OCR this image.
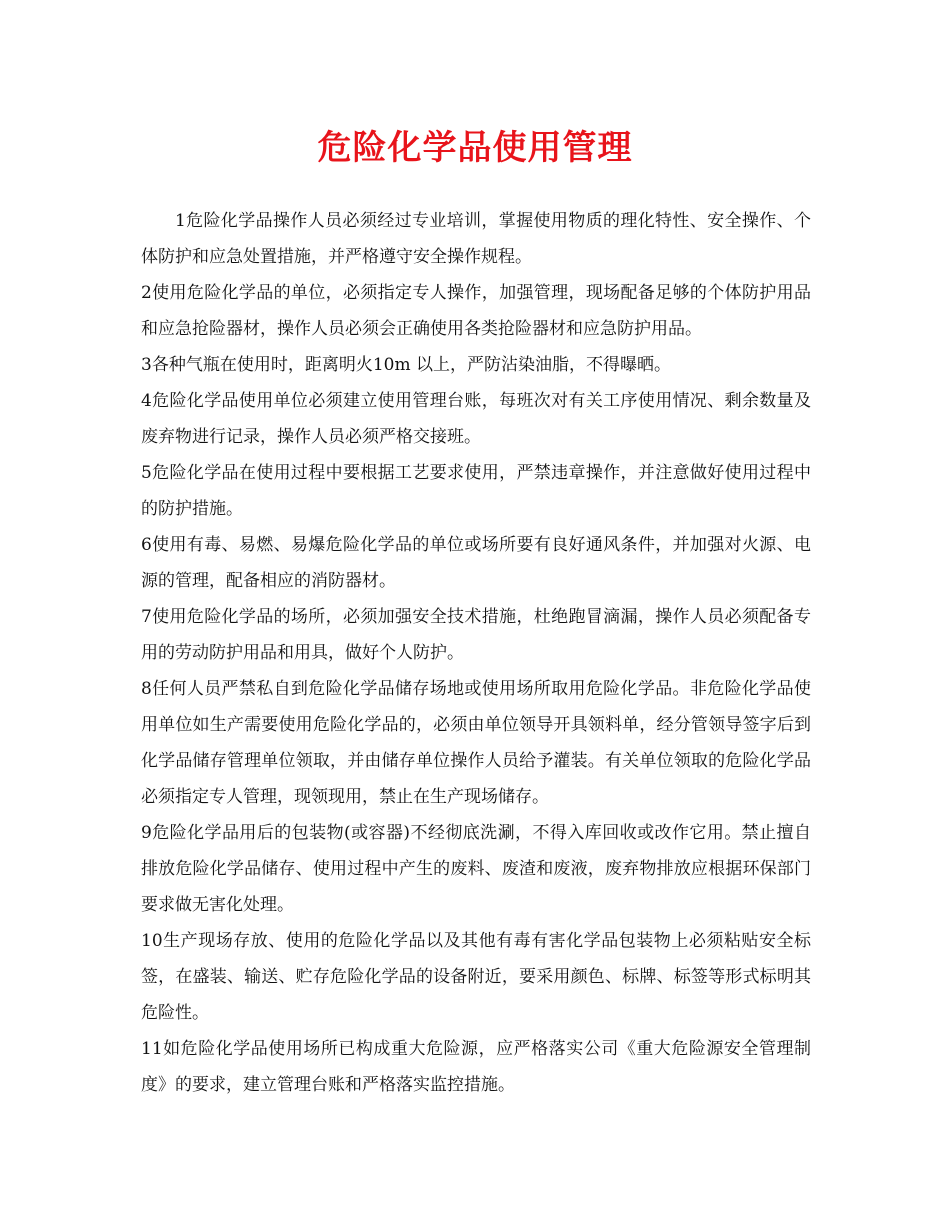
危险化学品使用管理

1危险化学品操作人员必须经过专业培训，掌握使用物质的理化特性、安全操作、个体防护和应急处置措施，并严格遵守安全操作规程。

2使用危险化学品的单位，必须指定专人操作，加强管理，现场配备足够的个体防护用品和应急抢险器材，操作人员必须会正确使用各类抢险器材和应急防护用品。

3各种气瓶在使用时，距离明火10m 以上，严防沾染油脂，不得曝晒。

4危险化学品使用单位必须建立使用管理台账，每班次对有关工序使用情况、剩余数量及废弃物进行记录，操作人员必须严格交接班。

5危险化学品在使用过程中要根据工艺要求使用，严禁违章操作，并注意做好使用过程中的防护措施。

6使用有毒、易燃、易爆危险化学品的单位或场所要有良好通风条件，并加强对火源、电源的管理，配备相应的消防器材。

7使用危险化学品的场所，必须加强安全技术措施，杜绝跑冒滴漏，操作人员必须配备专用的劳动防护用品和用具，做好个人防护。

8任何人员严禁私自到危险化学品储存场地或使用场所取用危险化学品。非危险化学品使用单位如生产需要使用危险化学品的，必须由单位领导开具领料单，经分管领导签字后到化学品储存管理单位领取，并由储存单位操作人员给予灌装。有关单位领取的危险化学品必须指定专人管理，现领现用，禁止在生产现场储存。

9危险化学品用后的包装物(或容器)不经彻底洗涮，不得入库回收或改作它用。禁止擅自排放危险化学品储存、使用过程中产生的废料、废渣和废液，废弃物排放应根据环保部门要求做无害化处理。

10生产现场存放、使用的危险化学品以及其他有毒有害化学品包装物上必须粘贴安全标签，在盛装、输送、贮存危险化学品的设备附近，要采用颜色、标牌、标签等形式标明其危险性。

11如危险化学品使用场所已构成重大危险源，应严格落实公司《重大危险源安全管理制度》的要求，建立管理台账和严格落实监控措施。
